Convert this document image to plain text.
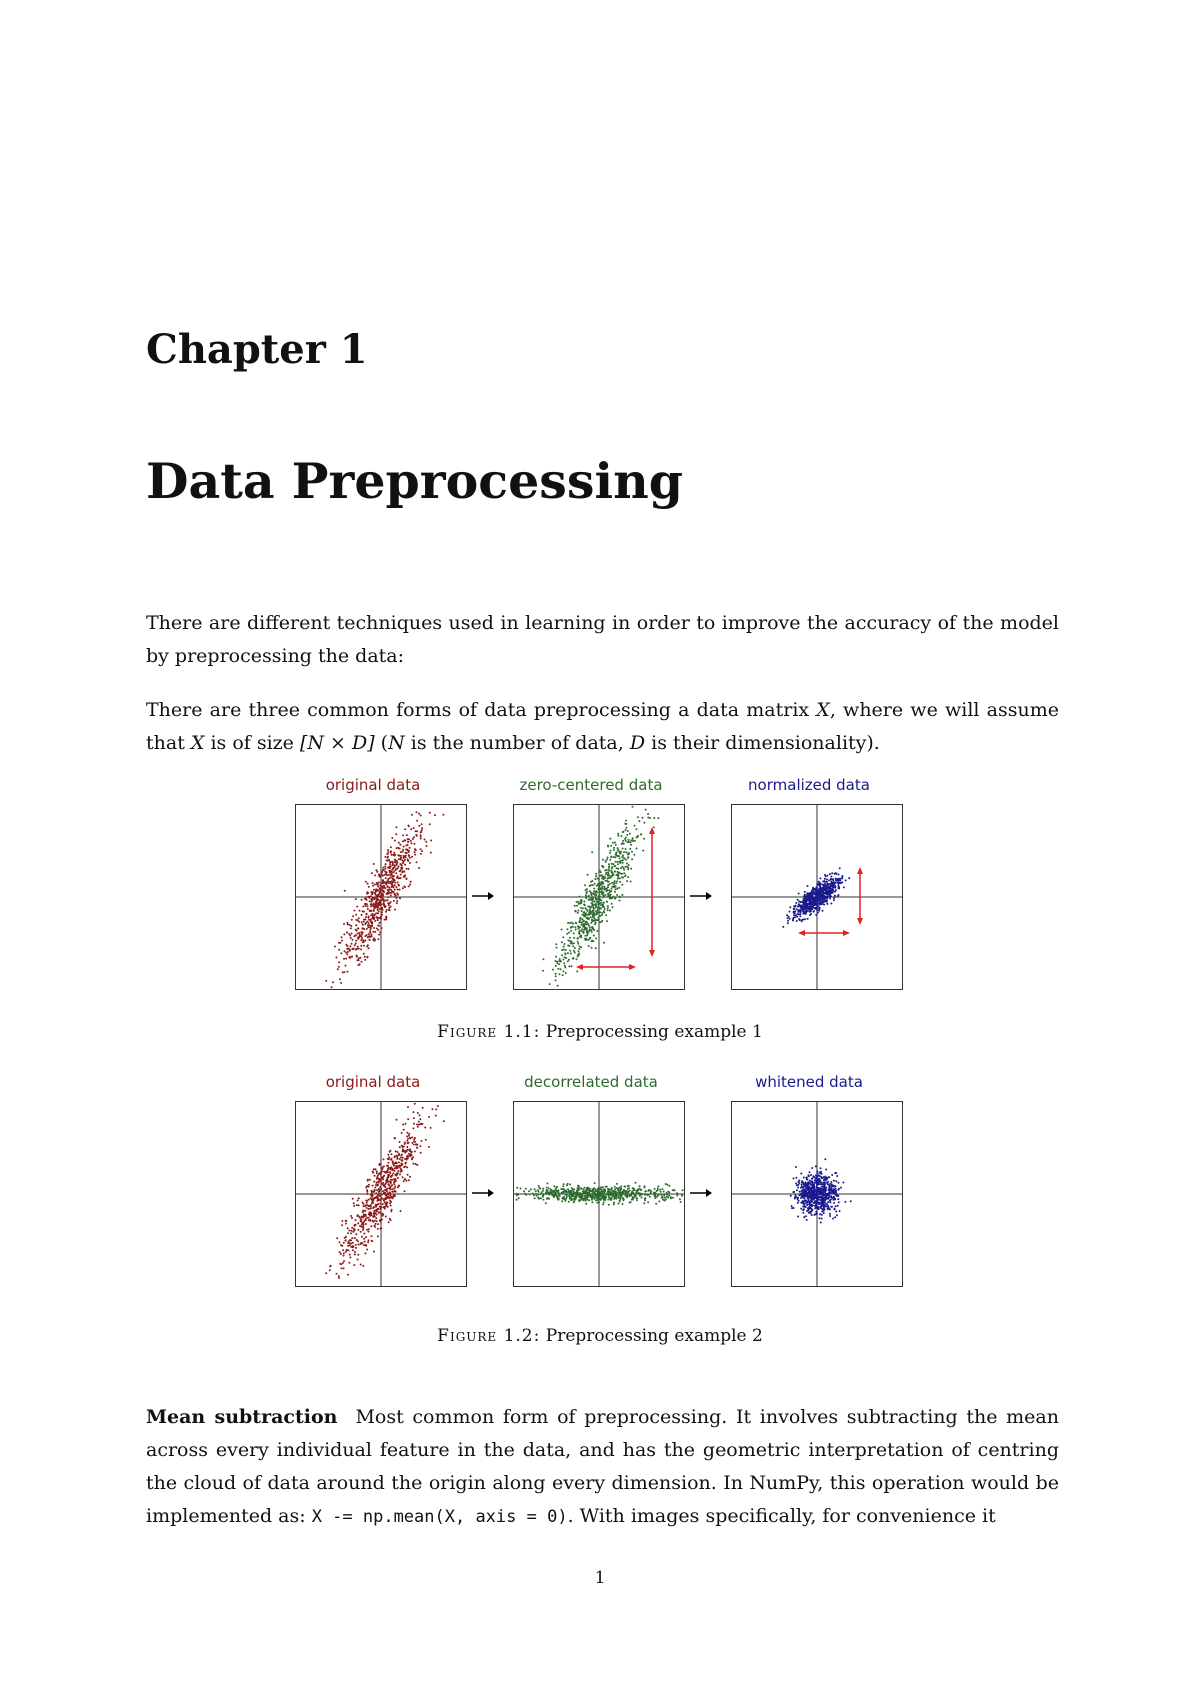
Chapter 1
Data Preprocessing

There are different techniques used in learning in order to improve the accuracy of the model by preprocessing the data:

There are three common forms of data preprocessing a data matrix X, where we will assume that X is of size [N × D] (N is the number of data, D is their dimensionality).

original data	zero-centered data	normalized data
Figure 1.1: Preprocessing example 1
original data	decorrelated data	whitened data
Figure 1.2: Preprocessing example 2

Mean subtraction Most common form of preprocessing. It involves subtracting the mean across every individual feature in the data, and has the geometric interpretation of centring the cloud of data around the origin along every dimension. In NumPy, this operation would be implemented as: X -= np.mean(X, axis = 0). With images specifically, for convenience it

1
